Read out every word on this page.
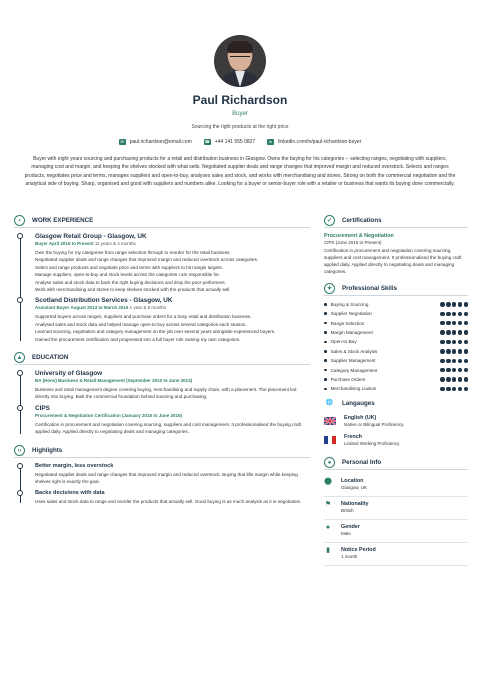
Paul Richardson
Buyer
Sourcing the right products at the right price
✉	paul.richardson@email.com	☎ +44 141 555 0827	in	linkedin.com/in/paul-richardson-buyer
Buyer with eight years sourcing and purchasing products for a retail and distribution business in Glasgow. Owns the buying for his categories -- selecting ranges, negotiating with suppliers, managing cost and margin, and keeping the shelves stocked with what sells. Negotiated supplier deals and range changes that improved margin and reduced overstock. Selects and ranges products, negotiates price and terms, manages suppliers and open-to-buy, analyses sales and stock, and works with merchandising and stores. Strong on both the commercial negotiation and the analytical side of buying. Sharp, organised and good with suppliers and numbers alike. Looking for a buyer or senior-buyer role with a retailer or business that wants its buying done commercially.
▪	WORK EXPERIENCE
Glasgow Retail Group - Glasgow, UK
Buyer April 2015 to Present 11 years & 4 months

Own the buying for my categories from range selection through to reorder for the retail business.

Negotiated supplier deals and range changes that improved margin and reduced overstock across categories.

Select and range products and negotiate price and terms with suppliers to hit margin targets.

Manage suppliers, open-to-buy and stock levels across the categories I am responsible for.

Analyse sales and stock data to back the right buying decisions and drop the poor performers.

Work with merchandising and stores to keep shelves stocked with the products that actually sell.

Scotland Distribution Services - Glasgow, UK
Assistant Buyer August 2013 to March 2015 1 year & 8 months

Supported buyers across ranges, suppliers and purchase orders for a busy retail and distribution business.

Analysed sales and stock data and helped manage open-to-buy across several categories each season.

Learned sourcing, negotiation and category management on the job over several years alongside experienced buyers.

Gained the procurement certification and progressed into a full buyer role owning my own categories.

▲	EDUCATION
University of Glasgow
BA (Hons) Business & Retail Management (September 2010 to June 2013)
Business and retail management degree covering buying, merchandising and supply chain, with a placement. The placement led directly into buying. Built the commercial foundation behind sourcing and purchasing.
CIPS
Procurement & Negotiation Certification (January 2015 to June 2015)
Certification in procurement and negotiation covering sourcing, suppliers and cost management. It professionalised the buying craft applied daily. Applied directly to negotiating deals and managing categories.
‹›	Highlights
Better margin, less overstock
Negotiated supplier deals and range changes that improved margin and reduced overstock. Buying that lifts margin while keeping shelves right is exactly the goal.
Backs decisions with data
Uses sales and stock data to range and reorder the products that actually sell. Good buying is as much analysis as it is negotiation.
✓	Certifications
Procurement & Negotiation
CIPS (June 2015 to Present)
Certification in procurement and negotiation covering sourcing, suppliers and cost management. It professionalised the buying craft applied daily. Applied directly to negotiating deals and managing categories.
✦	Professional Skills
Buying & Sourcing
Supplier Negotiation
Range Selection
Margin Management
Open-to-Buy
Sales & Stock Analysis
Supplier Management
Category Management
Purchase Orders
Merchandising Liaison
🌐 Langauges
English (UK)
Native or Bilingual Proficiency
French
Limited Working Proficiency
●	Personal Info
⬤ Location
Glasgow, UK
⚑ Nationality
British
●	Gender
Male
▮	Notice Period
1 month
